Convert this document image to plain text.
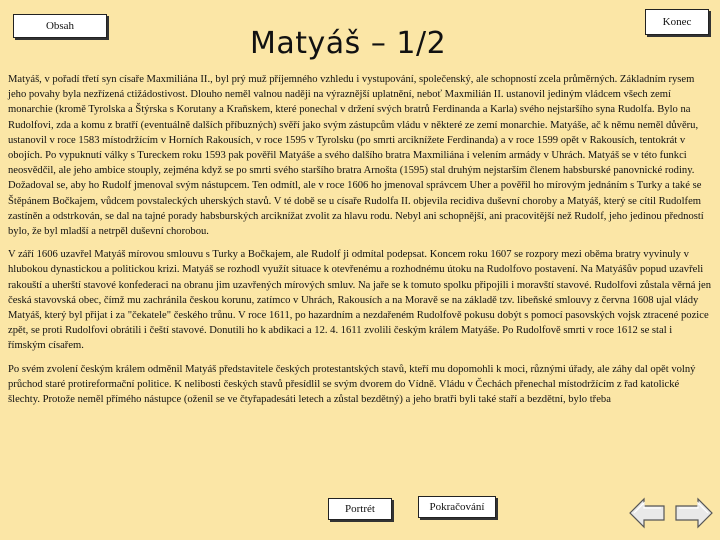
Obsah	Konec
Matyáš – 1/2

Matyáš, v pořadí třetí syn císaře Maxmiliána II., byl prý muž příjemného vzhledu i vystupování, společenský, ale schopností zcela průměrných. Základním rysem jeho povahy byla nezřízená ctižádostivost. Dlouho neměl valnou naději na výraznější uplatnění, neboť Maxmilián II. ustanovil jediným vládcem všech zemí monarchie (kromě Tyrolska a Štýrska s Korutany a Kraňskem, které ponechal v držení svých bratrů Ferdinanda a Karla) svého nejstaršího syna Rudolfa. Bylo na Rudolfovi, zda a komu z bratří (eventuálně dalších příbuzných) svěří jako svým zástupcům vládu v některé ze zemí monarchie. Matyáše, ač k němu neměl důvěru, ustanovil v roce 1583 místodržícím v Horních Rakousích, v roce 1595 v Tyrolsku (po smrti arciknížete Ferdinanda) a v roce 1599 opět v Rakousích, tentokrát v obojích. Po vypuknutí války s Tureckem roku 1593 pak pověřil Matyáše a svého dalšího bratra Maxmiliána i velením armády v Uhrách. Matyáš se v této funkci neosvědčil, ale jeho ambice stouply, zejména když se po smrti svého staršího bratra Arnošta (1595) stal druhým nejstarším členem habsburské panovnické rodiny. Dožadoval se, aby ho Rudolf jmenoval svým nástupcem. Ten odmítl, ale v roce 1606 ho jmenoval správcem Uher a pověřil ho mírovým jednáním s Turky a také se Štěpánem Bočkajem, vůdcem povstaleckých uherských stavů. V té době se u císaře Rudolfa II. objevila recidiva duševní choroby a Matyáš, který se cítil Rudolfem zastíněn a odstrkován, se dal na tajné porady habsburských arciknížat zvolit za hlavu rodu. Nebyl ani schopnější, ani pracovitější než Rudolf, jeho jedinou předností bylo, že byl mladší a netrpěl duševní chorobou.

V září 1606 uzavřel Matyáš mírovou smlouvu s Turky a Bočkajem, ale Rudolf ji odmítal podepsat. Koncem roku 1607 se rozpory mezi oběma bratry vyvinuly v hlubokou dynastickou a politickou krizi. Matyáš se rozhodl využít situace k otevřenému a rozhodnému útoku na Rudolfovo postavení. Na Matyášův popud uzavřeli rakouští a uherští stavové konfederaci na obranu jim uzavřených mírových smluv. Na jaře se k tomuto spolku připojili i moravští stavové. Rudolfovi zůstala věrná jen česká stavovská obec, čímž mu zachránila českou korunu, zatímco v Uhrách, Rakousích a na Moravě se na základě tzv. libeňské smlouvy z června 1608 ujal vlády Matyáš, který byl přijat i za "čekatele" českého trůnu. V roce 1611, po hazardním a nezdařeném Rudolfově pokusu dobýt s pomocí pasovských vojsk ztracené pozice zpět, se proti Rudolfovi obrátili i čeští stavové. Donutili ho k abdikaci a 12. 4. 1611 zvolili českým králem Matyáše. Po Rudolfově smrti v roce 1612 se stal i římským císařem.

Po svém zvolení českým králem odměnil Matyáš představitele českých protestantských stavů, kteří mu dopomohli k moci, různými úřady, ale záhy dal opět volný průchod staré protireformační politice. K nelibosti českých stavů přesídlil se svým dvorem do Vídně. Vládu v Čechách přenechal místodržícím z řad katolické šlechty. Protože neměl přímého nástupce (oženil se ve čtyřapadesáti letech a zůstal bezdětný) a jeho bratři byli také staří a bezdětní, bylo třeba

Portrét	Pokračování
